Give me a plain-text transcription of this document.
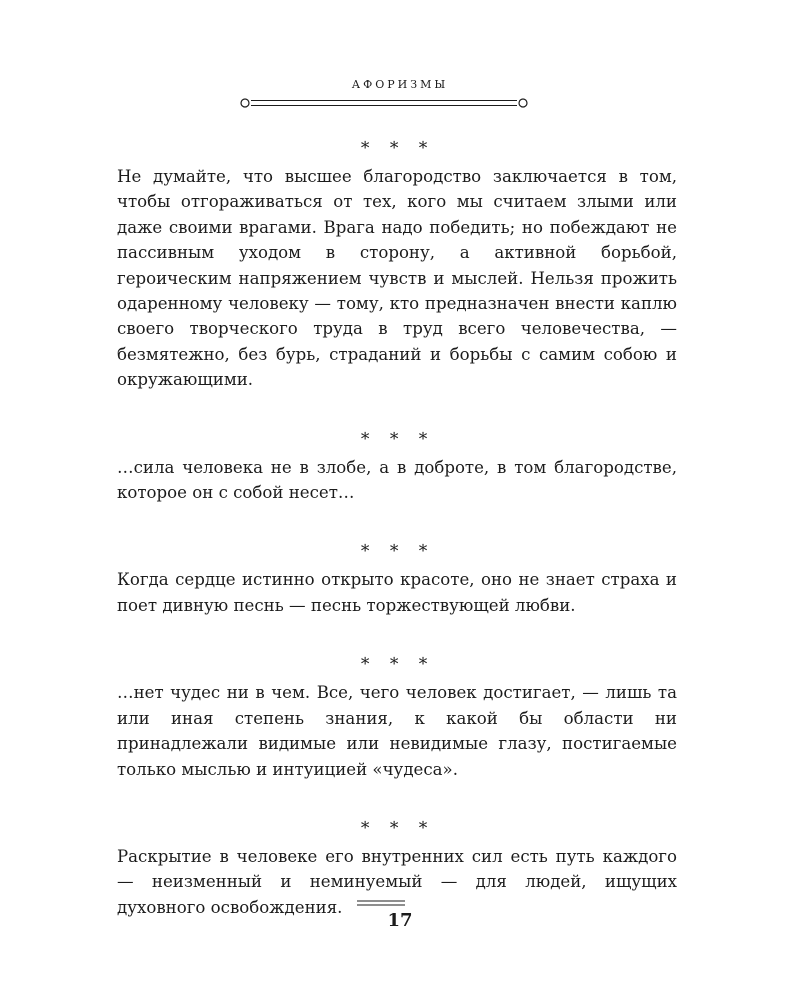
АФОРИЗМЫ

∗ ∗ ∗

Не думайте, что высшее благородство заключается в том, чтобы отгораживаться от тех, кого мы считаем злыми или даже своими врагами. Врага надо победить; но побеждают не пассивным уходом в сторону, а активной борьбой, героическим напряжением чувств и мыслей. Нельзя прожить одаренному человеку — тому, кто предназначен внести каплю своего творческого труда в труд всего человечества, — безмятежно, без бурь, страданий и борьбы с самим собою и окружающими.

∗ ∗ ∗

…сила человека не в злобе, а в доброте, в том благородстве, которое он с собой несет…

∗ ∗ ∗

Когда сердце истинно открыто красоте, оно не знает страха и поет дивную песнь — песнь торжествующей любви.

∗ ∗ ∗

…нет чудес ни в чем. Все, чего человек достигает, — лишь та или иная степень знания, к какой бы области ни принадлежали видимые или невидимые глазу, постигаемые только мыслью и интуицией «чудеса».

∗ ∗ ∗

Раскрытие в человеке его внутренних сил есть путь каждого — неизменный и неминуемый — для людей, ищущих духовного освобождения.

17
